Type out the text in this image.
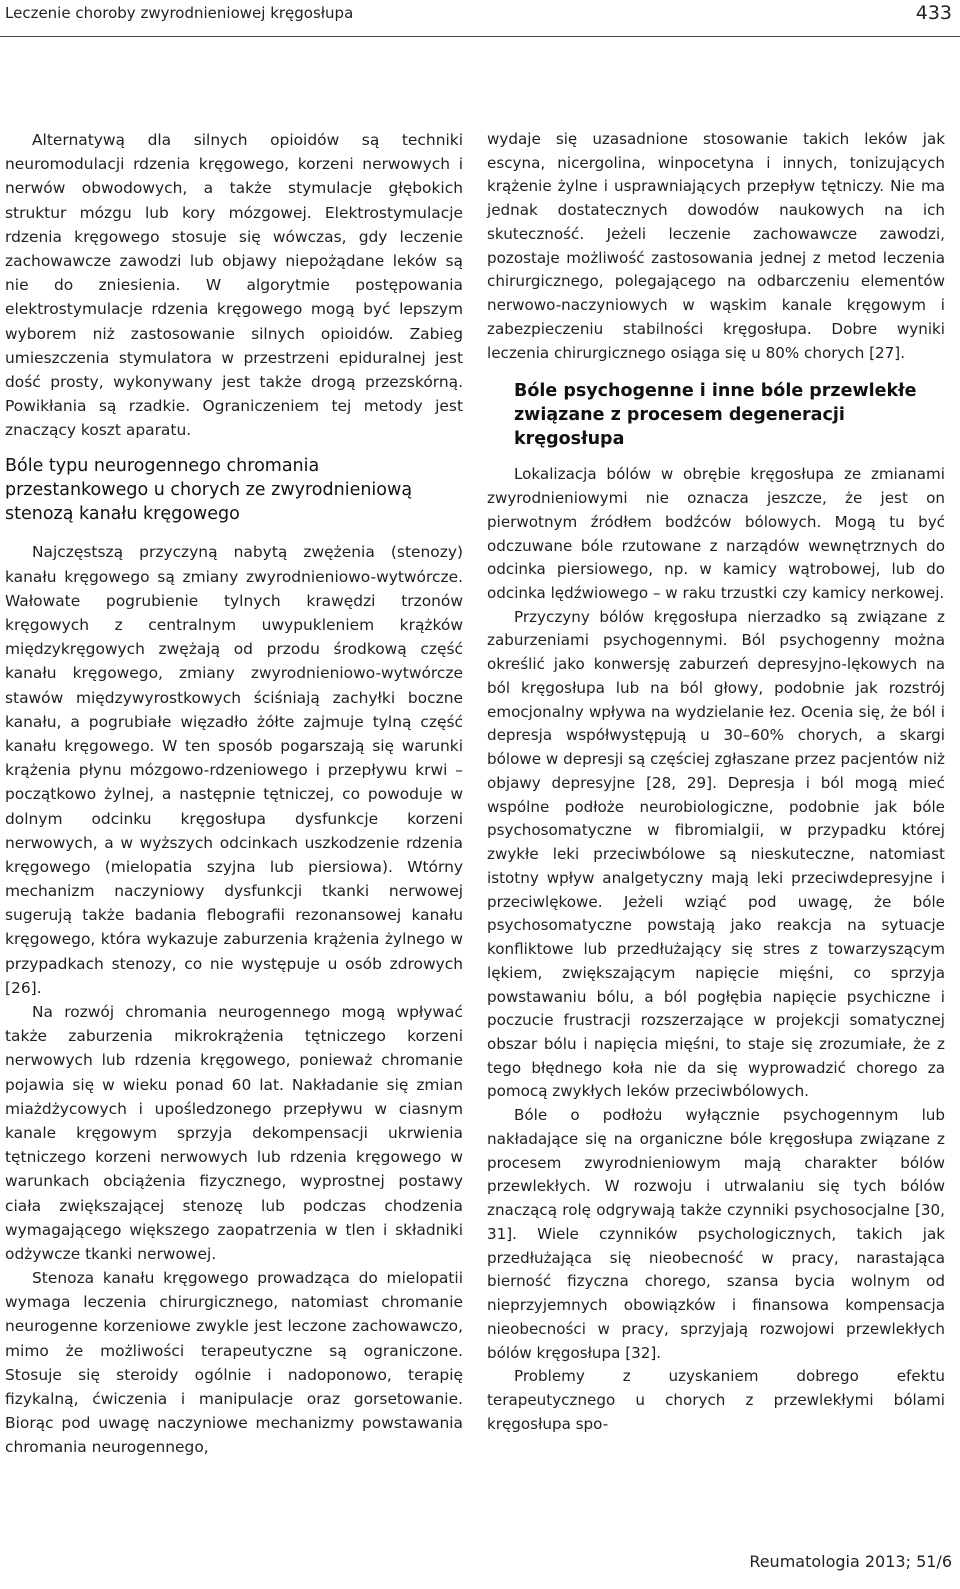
Leczenie choroby zwyrodnieniowej kręgosłupa	433

Alternatywą dla silnych opioidów są techniki neuromodulacji rdzenia kręgowego, korzeni nerwowych i nerwów obwodowych, a także stymulacje głębokich struktur mózgu lub kory mózgowej. Elektrostymulacje rdzenia kręgowego stosuje się wówczas, gdy leczenie zachowawcze zawodzi lub objawy niepożądane leków są nie do zniesienia. W algorytmie postępowania elektrostymulacje rdzenia kręgowego mogą być lepszym wyborem niż zastosowanie silnych opioidów. Zabieg umieszczenia stymulatora w przestrzeni epiduralnej jest dość prosty, wykonywany jest także drogą przezskórną. Powikłania są rzadkie. Ograniczeniem tej metody jest znaczący koszt aparatu.

Bóle typu neurogennego chromania przestankowego u chorych ze zwyrodnieniową stenozą kanału kręgowego

Najczęstszą przyczyną nabytą zwężenia (stenozy) kanału kręgowego są zmiany zwyrodnieniowo-wytwórcze. Wałowate pogrubienie tylnych krawędzi trzonów kręgowych z centralnym uwypukleniem krążków międzykręgowych zwężają od przodu środkową część kanału kręgowego, zmiany zwyrodnieniowo-wytwórcze stawów międzywyrostkowych ściśniają zachyłki boczne kanału, a pogrubiałe więzadło żółte zajmuje tylną część kanału kręgowego. W ten sposób pogarszają się warunki krążenia płynu mózgowo-rdzeniowego i przepływu krwi – początkowo żylnej, a następnie tętniczej, co powoduje w dolnym odcinku kręgosłupa dysfunkcje korzeni nerwowych, a w wyższych odcinkach uszkodzenie rdzenia kręgowego (mielopatia szyjna lub piersiowa). Wtórny mechanizm naczyniowy dysfunkcji tkanki nerwowej sugerują także badania flebografii rezonansowej kanału kręgowego, która wykazuje zaburzenia krążenia żylnego w przypadkach stenozy, co nie występuje u osób zdrowych [26].

Na rozwój chromania neurogennego mogą wpływać także zaburzenia mikrokrążenia tętniczego korzeni nerwowych lub rdzenia kręgowego, ponieważ chromanie pojawia się w wieku ponad 60 lat. Nakładanie się zmian miażdżycowych i upośledzonego przepływu w ciasnym kanale kręgowym sprzyja dekompensacji ukrwienia tętniczego korzeni nerwowych lub rdzenia kręgowego w warunkach obciążenia fizycznego, wyprostnej postawy ciała zwiększającej stenozę lub podczas chodzenia wymagającego większego zaopatrzenia w tlen i składniki odżywcze tkanki nerwowej.

Stenoza kanału kręgowego prowadząca do mielopatii wymaga leczenia chirurgicznego, natomiast chromanie neurogenne korzeniowe zwykle jest leczone zachowawczo, mimo że możliwości terapeutyczne są ograniczone. Stosuje się steroidy ogólnie i nadoponowo, terapię fizykalną, ćwiczenia i manipulacje oraz gorsetowanie. Biorąc pod uwagę naczyniowe mechanizmy powstawania chromania neurogennego,

wydaje się uzasadnione stosowanie takich leków jak escyna, nicergolina, winpocetyna i innych, tonizujących krążenie żylne i usprawniających przepływ tętniczy. Nie ma jednak dostatecznych dowodów naukowych na ich skuteczność. Jeżeli leczenie zachowawcze zawodzi, pozostaje możliwość zastosowania jednej z metod leczenia chirurgicznego, polegającego na odbarczeniu elementów nerwowo-naczyniowych w wąskim kanale kręgowym i zabezpieczeniu stabilności kręgosłupa. Dobre wyniki leczenia chirurgicznego osiąga się u 80% chorych [27].

Bóle psychogenne i inne bóle przewlekłe związane z procesem degeneracji kręgosłupa

Lokalizacja bólów w obrębie kręgosłupa ze zmianami zwyrodnieniowymi nie oznacza jeszcze, że jest on pierwotnym źródłem bodźców bólowych. Mogą tu być odczuwane bóle rzutowane z narządów wewnętrznych do odcinka piersiowego, np. w kamicy wątrobowej, lub do odcinka lędźwiowego – w raku trzustki czy kamicy nerkowej.

Przyczyny bólów kręgosłupa nierzadko są związane z zaburzeniami psychogennymi. Ból psychogenny można określić jako konwersję zaburzeń depresyjno-lękowych na ból kręgosłupa lub na ból głowy, podobnie jak rozstrój emocjonalny wpływa na wydzielanie łez. Ocenia się, że ból i depresja współwystępują u 30–60% chorych, a skargi bólowe w depresji są częściej zgłaszane przez pacjentów niż objawy depresyjne [28, 29]. Depresja i ból mogą mieć wspólne podłoże neurobiologiczne, podobnie jak bóle psychosomatyczne w fibromialgii, w przypadku której zwykłe leki przeciwbólowe są nieskuteczne, natomiast istotny wpływ analgetyczny mają leki przeciwdepresyjne i przeciwlękowe. Jeżeli wziąć pod uwagę, że bóle psychosomatyczne powstają jako reakcja na sytuacje konfliktowe lub przedłużający się stres z towarzyszącym lękiem, zwiększającym napięcie mięśni, co sprzyja powstawaniu bólu, a ból pogłębia napięcie psychiczne i poczucie frustracji rozszerzające w projekcji somatycznej obszar bólu i napięcia mięśni, to staje się zrozumiałe, że z tego błędnego koła nie da się wyprowadzić chorego za pomocą zwykłych leków przeciwbólowych.

Bóle o podłożu wyłącznie psychogennym lub nakładające się na organiczne bóle kręgosłupa związane z procesem zwyrodnieniowym mają charakter bólów przewlekłych. W rozwoju i utrwalaniu się tych bólów znaczącą rolę odgrywają także czynniki psychosocjalne [30, 31]. Wiele czynników psychologicznych, takich jak przedłużająca się nieobecność w pracy, narastająca bierność fizyczna chorego, szansa bycia wolnym od nieprzyjemnych obowiązków i finansowa kompensacja nieobecności w pracy, sprzyjają rozwojowi przewlekłych bólów kręgosłupa [32].

Problemy z uzyskaniem dobrego efektu terapeutycznego u chorych z przewlekłymi bólami kręgosłupa spo-

Reumatologia 2013; 51/6
